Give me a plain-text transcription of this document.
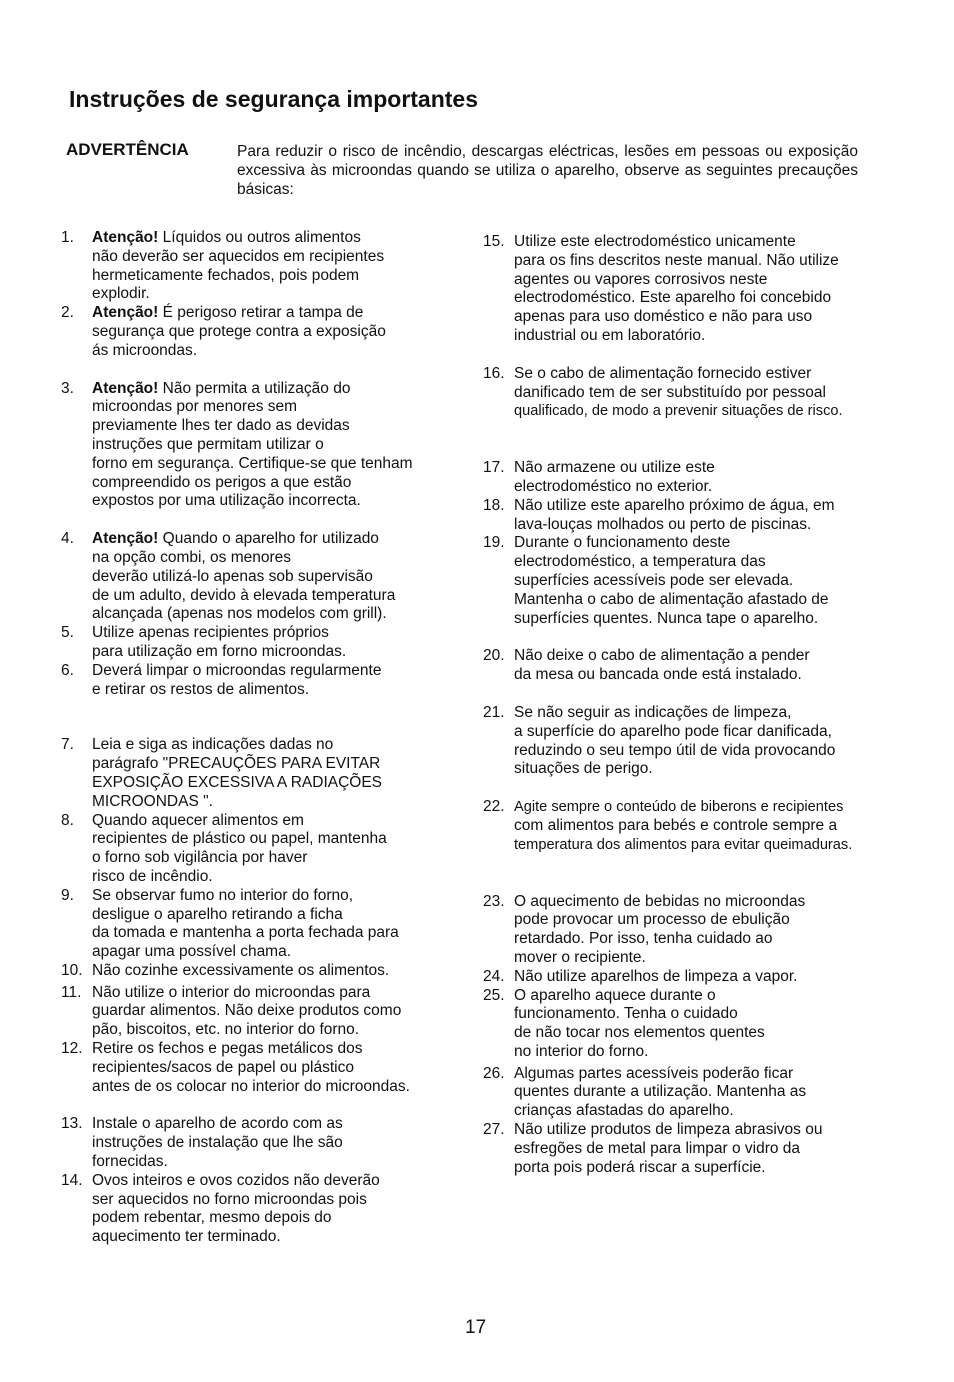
Instruções de segurança importantes
ADVERTÊNCIA	Para reduzir o risco de incêndio, descargas eléctricas, lesões em pessoas ou exposição excessiva às microondas quando se utiliza o aparelho, observe as seguintes precauções básicas:
1. Atenção! Líquidos ou outros alimentos

não deverão ser aquecidos em recipientes

hermeticamente fechados, pois podem

explodir.

2. Atenção! É perigoso retirar a tampa de

segurança que protege contra a exposição

ás microondas.

3. Atenção! Não permita a utilização do

microondas por menores sem

previamente lhes ter dado as devidas

instruções que permitam utilizar o

forno em segurança. Certifique-se que tenham

compreendido os perigos a que estão

expostos por uma utilização incorrecta.

4. Atenção! Quando o aparelho for utilizado

na opção combi, os menores

deverão utilizá-lo apenas sob supervisão

de um adulto, devido à elevada temperatura

alcançada (apenas nos modelos com grill).

5. Utilize apenas recipientes próprios

para utilização em forno microondas.

6. Deverá limpar o microondas regularmente

e retirar os restos de alimentos.

7. Leia e siga as indicações dadas no

parágrafo "PRECAUÇÕES PARA EVITAR

EXPOSIÇÃO EXCESSIVA A RADIAÇÕES

MICROONDAS ".

8. Quando aquecer alimentos em

recipientes de plástico ou papel, mantenha

o forno sob vigilância por haver

risco de incêndio.

9. Se observar fumo no interior do forno,

desligue o aparelho retirando a ficha

da tomada e mantenha a porta fechada para

apagar uma possível chama.

10. Não cozinhe excessivamente os alimentos.

11. Não utilize o interior do microondas para

guardar alimentos. Não deixe produtos como

pão, biscoitos, etc. no interior do forno.

12. Retire os fechos e pegas metálicos dos

recipientes/sacos de papel ou plástico

antes de os colocar no interior do microondas.

13. Instale o aparelho de acordo com as

instruções de instalação que lhe são

fornecidas.

14. Ovos inteiros e ovos cozidos não deverão

ser aquecidos no forno microondas pois

podem rebentar, mesmo depois do

aquecimento ter terminado.

15. Utilize este electrodoméstico unicamente

para os fins descritos neste manual. Não utilize

agentes ou vapores corrosivos neste

electrodoméstico. Este aparelho foi concebido

apenas para uso doméstico e não para uso

industrial ou em laboratório.

16. Se o cabo de alimentação fornecido estiver

danificado tem de ser substituído por pessoal

qualificado, de modo a prevenir situações de risco.

17. Não armazene ou utilize este

electrodoméstico no exterior.

18. Não utilize este aparelho próximo de água, em

lava-louças molhados ou perto de piscinas.

19. Durante o funcionamento deste

electrodoméstico, a temperatura das

superfícies acessíveis pode ser elevada.

Mantenha o cabo de alimentação afastado de

superfícies quentes. Nunca tape o aparelho.

20. Não deixe o cabo de alimentação a pender

da mesa ou bancada onde está instalado.

21. Se não seguir as indicações de limpeza,

a superfície do aparelho pode ficar danificada,

reduzindo o seu tempo útil de vida provocando

situações de perigo.

22. Agite sempre o conteúdo de biberons e recipientes

com alimentos para bebés e controle sempre a

temperatura dos alimentos para evitar queimaduras.

23. O aquecimento de bebidas no microondas

pode provocar um processo de ebulição

retardado. Por isso, tenha cuidado ao

mover o recipiente.

24. Não utilize aparelhos de limpeza a vapor.

25. O aparelho aquece durante o

funcionamento. Tenha o cuidado

de não tocar nos elementos quentes

no interior do forno.

26. Algumas partes acessíveis poderão ficar

quentes durante a utilização. Mantenha as

crianças afastadas do aparelho.

27. Não utilize produtos de limpeza abrasivos ou

esfregões de metal para limpar o vidro da

porta pois poderá riscar a superfície.

17
